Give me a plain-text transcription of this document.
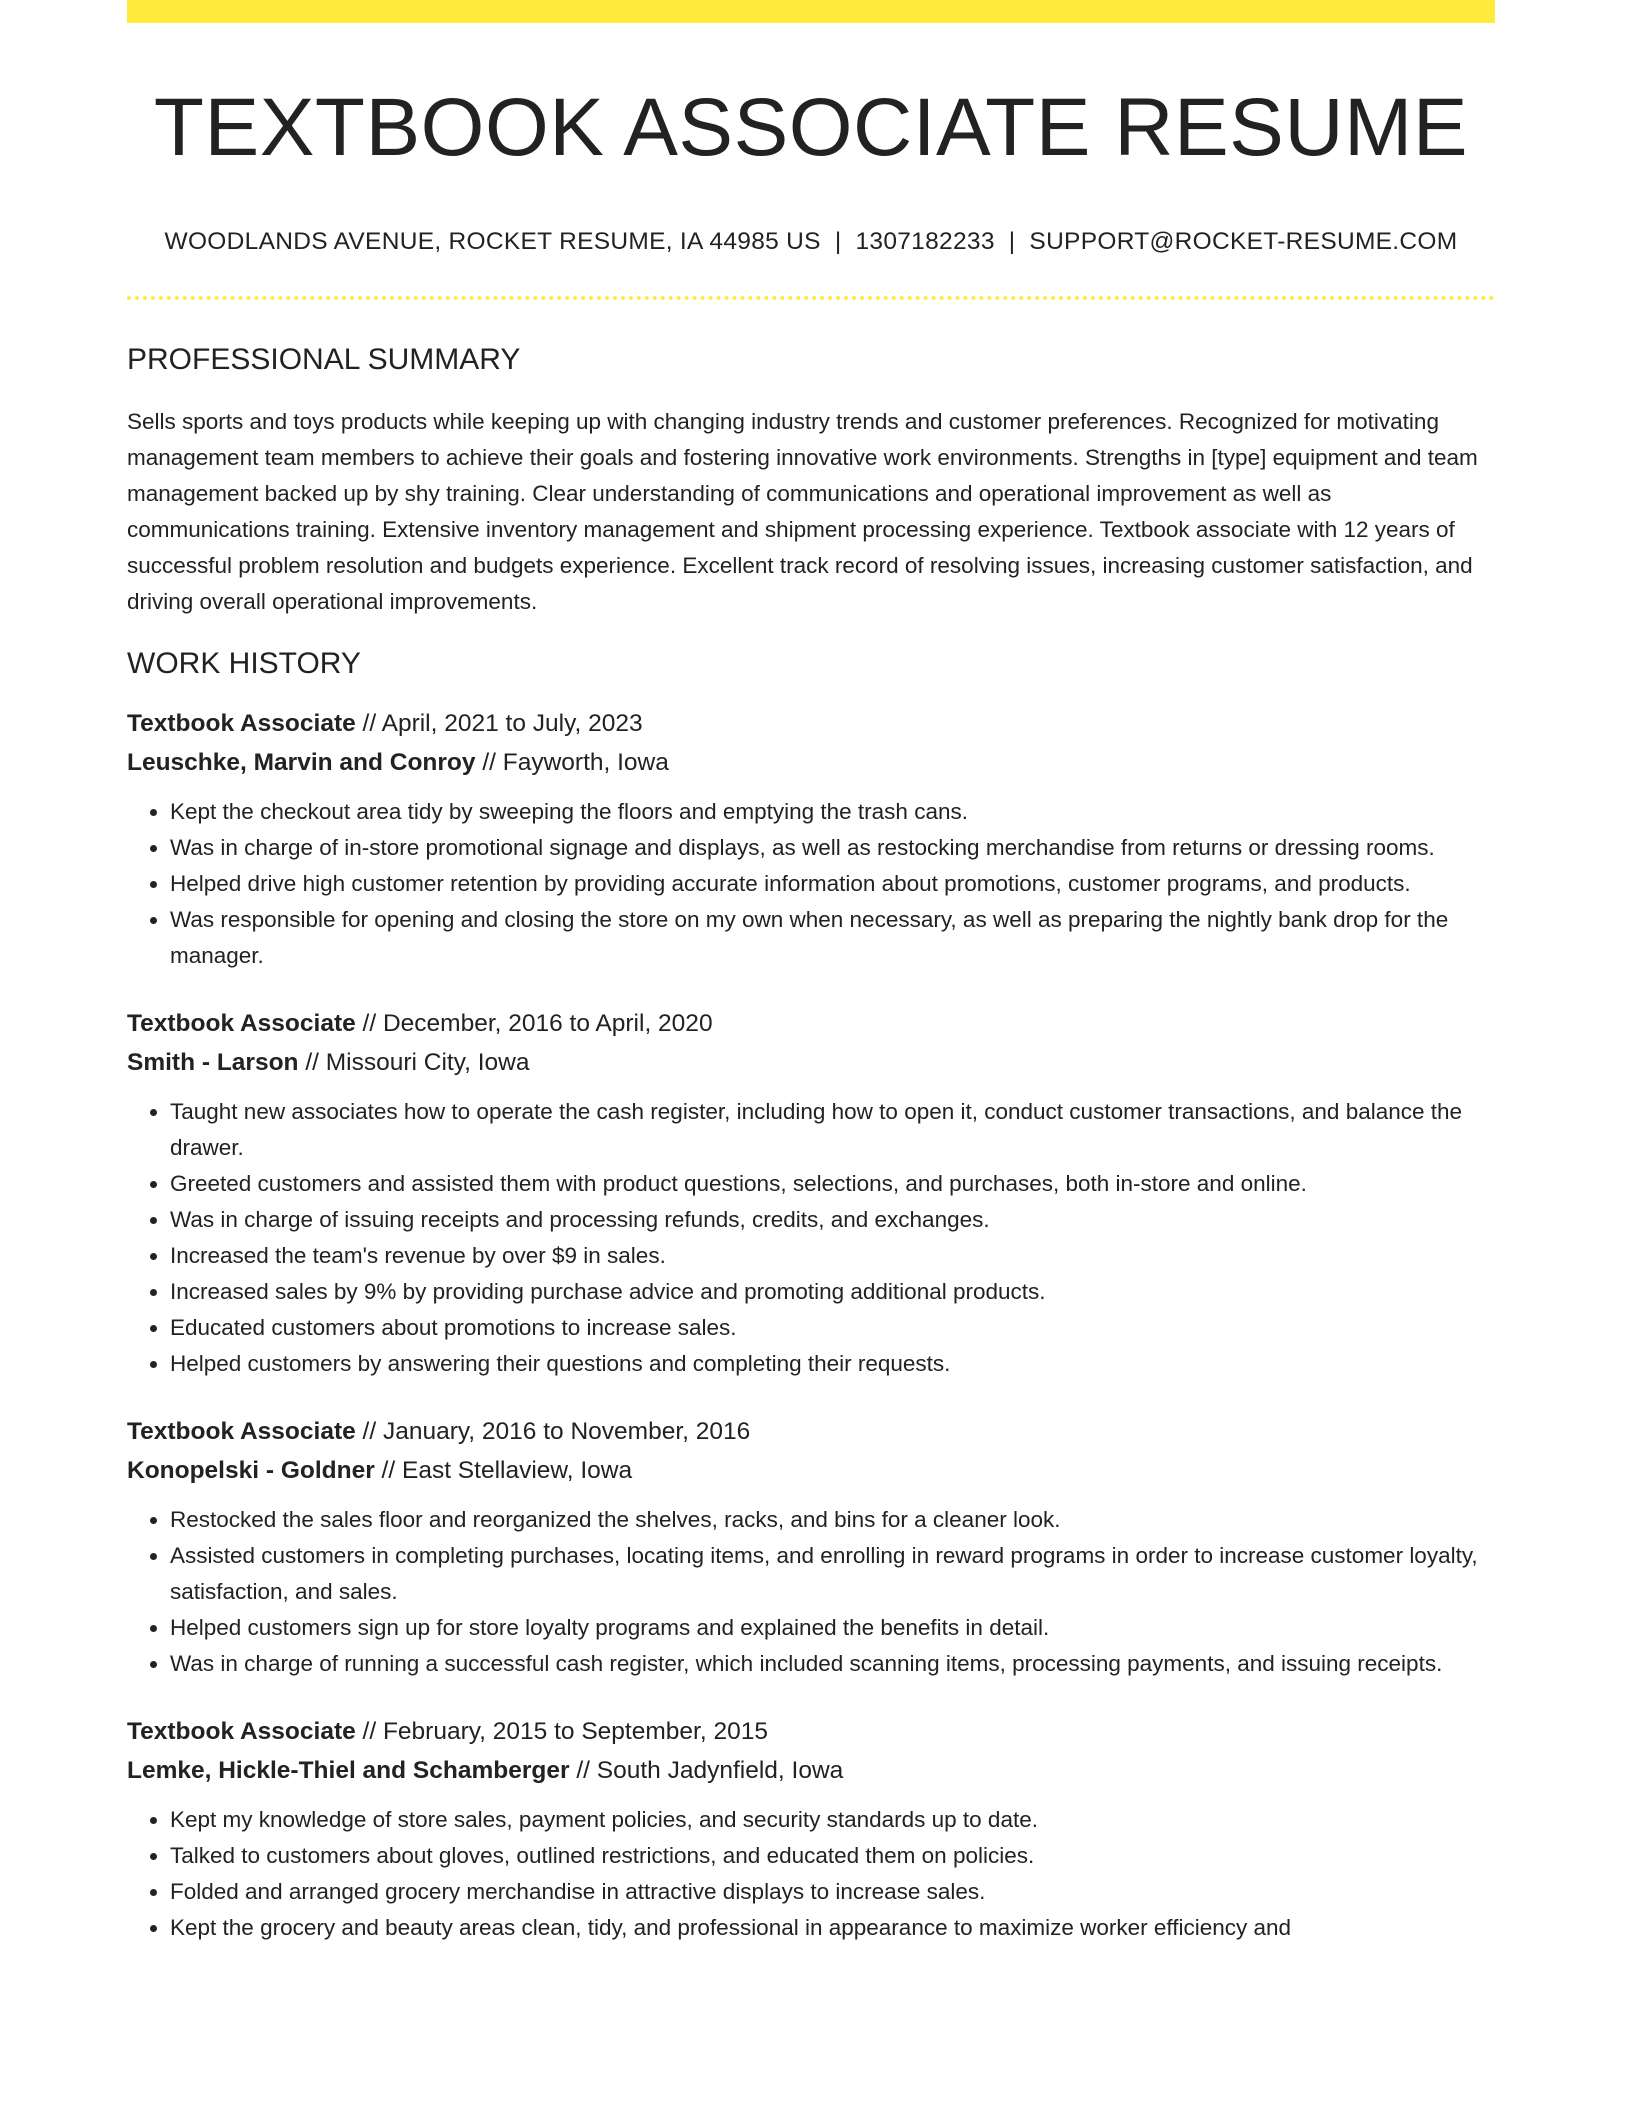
TEXTBOOK ASSOCIATE RESUME
WOODLANDS AVENUE, ROCKET RESUME, IA 44985 US | 1307182233 | SUPPORT@ROCKET-RESUME.COM
PROFESSIONAL SUMMARY

Sells sports and toys products while keeping up with changing industry trends and customer preferences. Recognized for motivating management team members to achieve their goals and fostering innovative work environments. Strengths in [type] equipment and team management backed up by shy training. Clear understanding of communications and operational improvement as well as communications training. Extensive inventory management and shipment processing experience. Textbook associate with 12 years of successful problem resolution and budgets experience. Excellent track record of resolving issues, increasing customer satisfaction, and driving overall operational improvements.

WORK HISTORY
Textbook Associate // April, 2021 to July, 2023
Leuschke, Marvin and Conroy // Fayworth, Iowa
• Kept the checkout area tidy by sweeping the floors and emptying the trash cans.
• Was in charge of in-store promotional signage and displays, as well as restocking merchandise from returns or dressing rooms.
• Helped drive high customer retention by providing accurate information about promotions, customer programs, and products.
• Was responsible for opening and closing the store on my own when necessary, as well as preparing the nightly bank drop for the manager.
Textbook Associate // December, 2016 to April, 2020
Smith - Larson // Missouri City, Iowa
• Taught new associates how to operate the cash register, including how to open it, conduct customer transactions, and balance the drawer.
• Greeted customers and assisted them with product questions, selections, and purchases, both in-store and online.
• Was in charge of issuing receipts and processing refunds, credits, and exchanges.
• Increased the team's revenue by over $9 in sales.
• Increased sales by 9% by providing purchase advice and promoting additional products.
• Educated customers about promotions to increase sales.
• Helped customers by answering their questions and completing their requests.
Textbook Associate // January, 2016 to November, 2016
Konopelski - Goldner // East Stellaview, Iowa
• Restocked the sales floor and reorganized the shelves, racks, and bins for a cleaner look.
• Assisted customers in completing purchases, locating items, and enrolling in reward programs in order to increase customer loyalty, satisfaction, and sales.
• Helped customers sign up for store loyalty programs and explained the benefits in detail.
• Was in charge of running a successful cash register, which included scanning items, processing payments, and issuing receipts.
Textbook Associate // February, 2015 to September, 2015
Lemke, Hickle-Thiel and Schamberger // South Jadynfield, Iowa
• Kept my knowledge of store sales, payment policies, and security standards up to date.
• Talked to customers about gloves, outlined restrictions, and educated them on policies.
• Folded and arranged grocery merchandise in attractive displays to increase sales.
• Kept the grocery and beauty areas clean, tidy, and professional in appearance to maximize worker efficiency and
